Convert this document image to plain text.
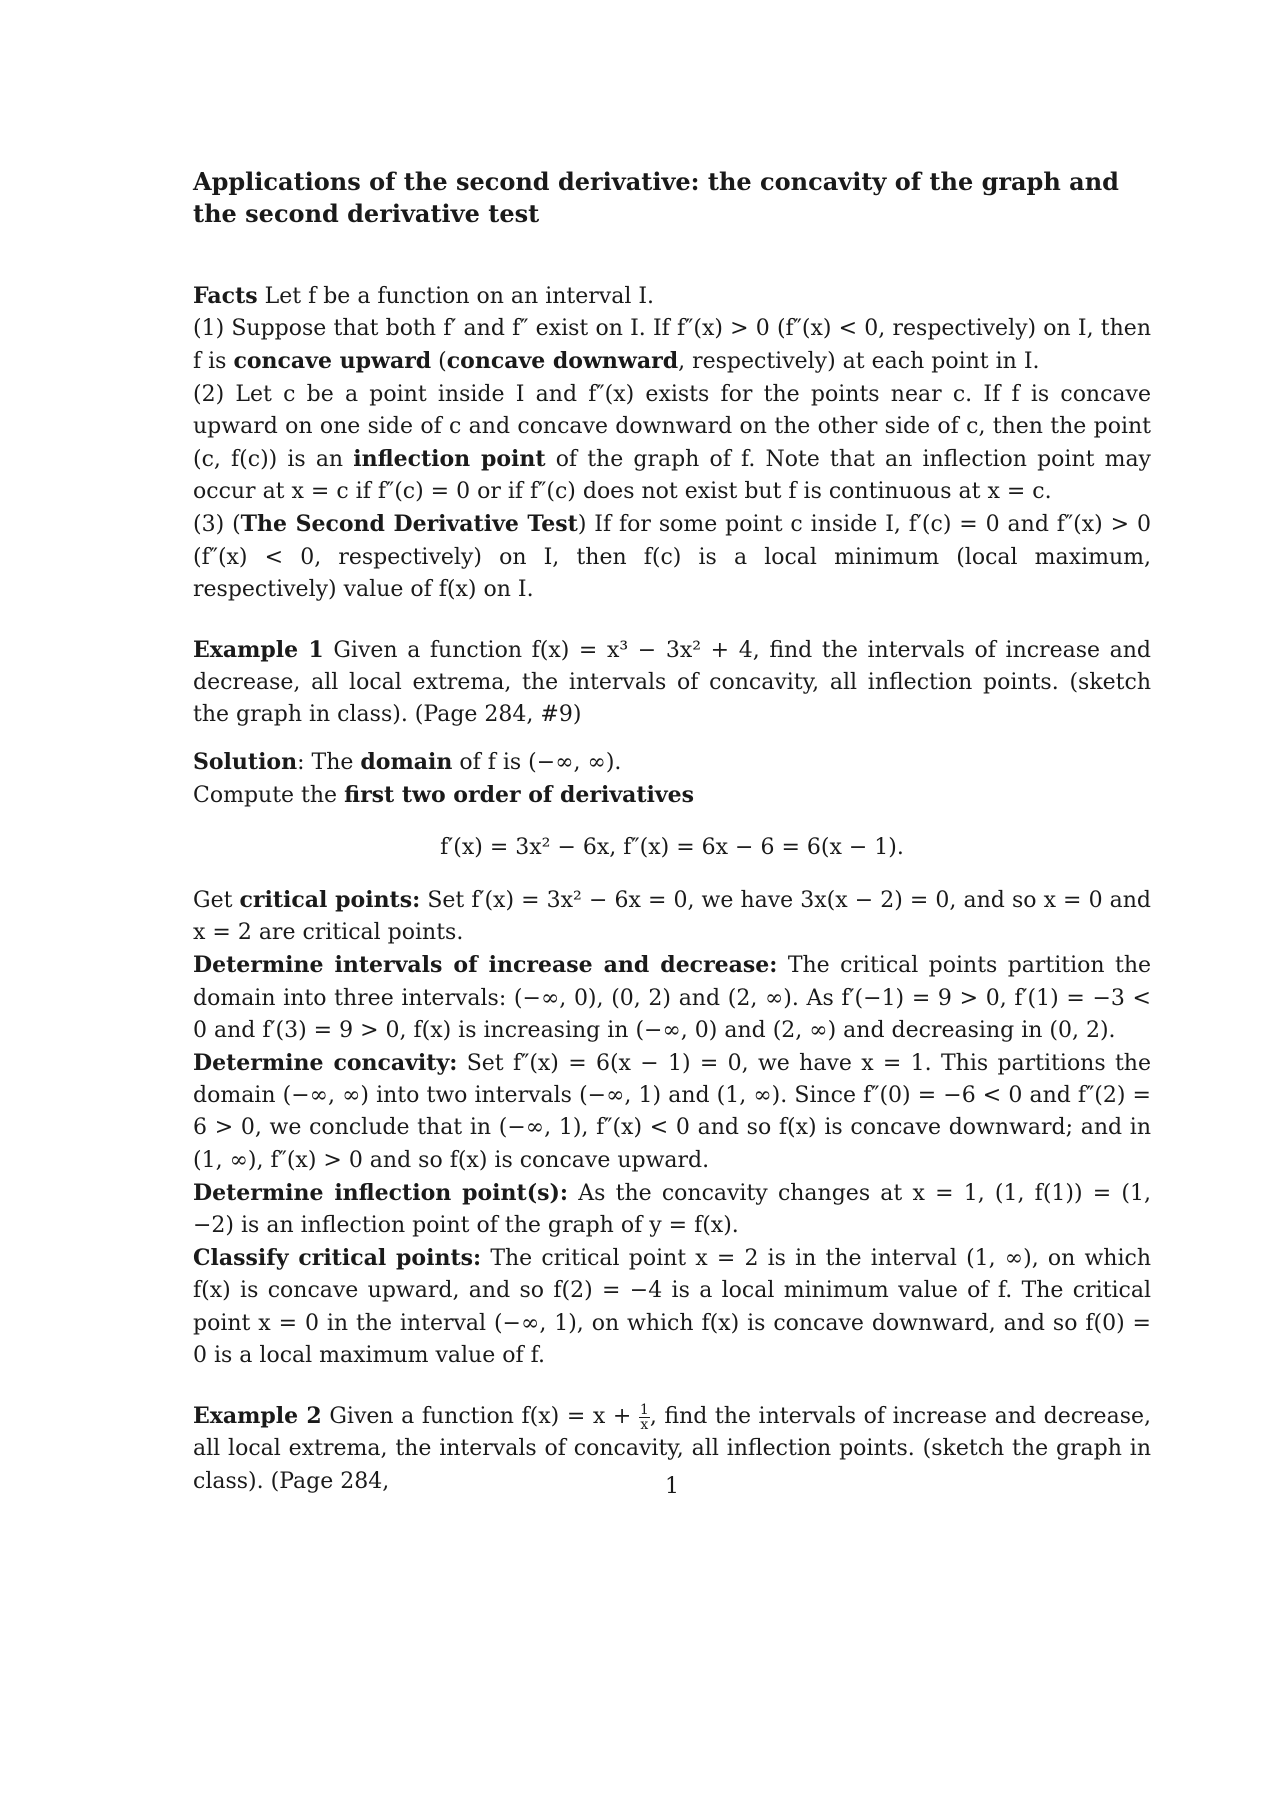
Applications of the second derivative: the concavity of the graph and the second derivative test

Facts Let f be a function on an interval I.

(1) Suppose that both f′ and f″ exist on I. If f″(x) > 0 (f″(x) < 0, respectively) on I, then f is concave upward (concave downward, respectively) at each point in I.

(2) Let c be a point inside I and f″(x) exists for the points near c. If f is concave upward on one side of c and concave downward on the other side of c, then the point (c, f(c)) is an inflection point of the graph of f. Note that an inflection point may occur at x = c if f″(c) = 0 or if f″(c) does not exist but f is continuous at x = c.

(3) (The Second Derivative Test) If for some point c inside I, f′(c) = 0 and f″(x) > 0 (f″(x) < 0, respectively) on I, then f(c) is a local minimum (local maximum, respectively) value of f(x) on I.

Example 1 Given a function f(x) = x³ − 3x² + 4, find the intervals of increase and decrease, all local extrema, the intervals of concavity, all inflection points. (sketch the graph in class). (Page 284, #9)

Solution: The domain of f is (−∞, ∞).

Compute the first two order of derivatives

f′(x) = 3x² − 6x, f″(x) = 6x − 6 = 6(x − 1).

Get critical points: Set f′(x) = 3x² − 6x = 0, we have 3x(x − 2) = 0, and so x = 0 and x = 2 are critical points.

Determine intervals of increase and decrease: The critical points partition the domain into three intervals: (−∞, 0), (0, 2) and (2, ∞). As f′(−1) = 9 > 0, f′(1) = −3 < 0 and f′(3) = 9 > 0, f(x) is increasing in (−∞, 0) and (2, ∞) and decreasing in (0, 2).

Determine concavity: Set f″(x) = 6(x − 1) = 0, we have x = 1. This partitions the domain (−∞, ∞) into two intervals (−∞, 1) and (1, ∞). Since f″(0) = −6 < 0 and f″(2) = 6 > 0, we conclude that in (−∞, 1), f″(x) < 0 and so f(x) is concave downward; and in (1, ∞), f″(x) > 0 and so f(x) is concave upward.

Determine inflection point(s): As the concavity changes at x = 1, (1, f(1)) = (1, −2) is an inflection point of the graph of y = f(x).

Classify critical points: The critical point x = 2 is in the interval (1, ∞), on which f(x) is concave upward, and so f(2) = −4 is a local minimum value of f. The critical point x = 0 in the interval (−∞, 1), on which f(x) is concave downward, and so f(0) = 0 is a local maximum value of f.

Example 2 Given a function $f(x) = x + \frac{1}{x}$ , find the intervals of increase and decrease, all local extrema, the intervals of concavity, all inflection points. (sketch the graph in class). (Page 284,	1
